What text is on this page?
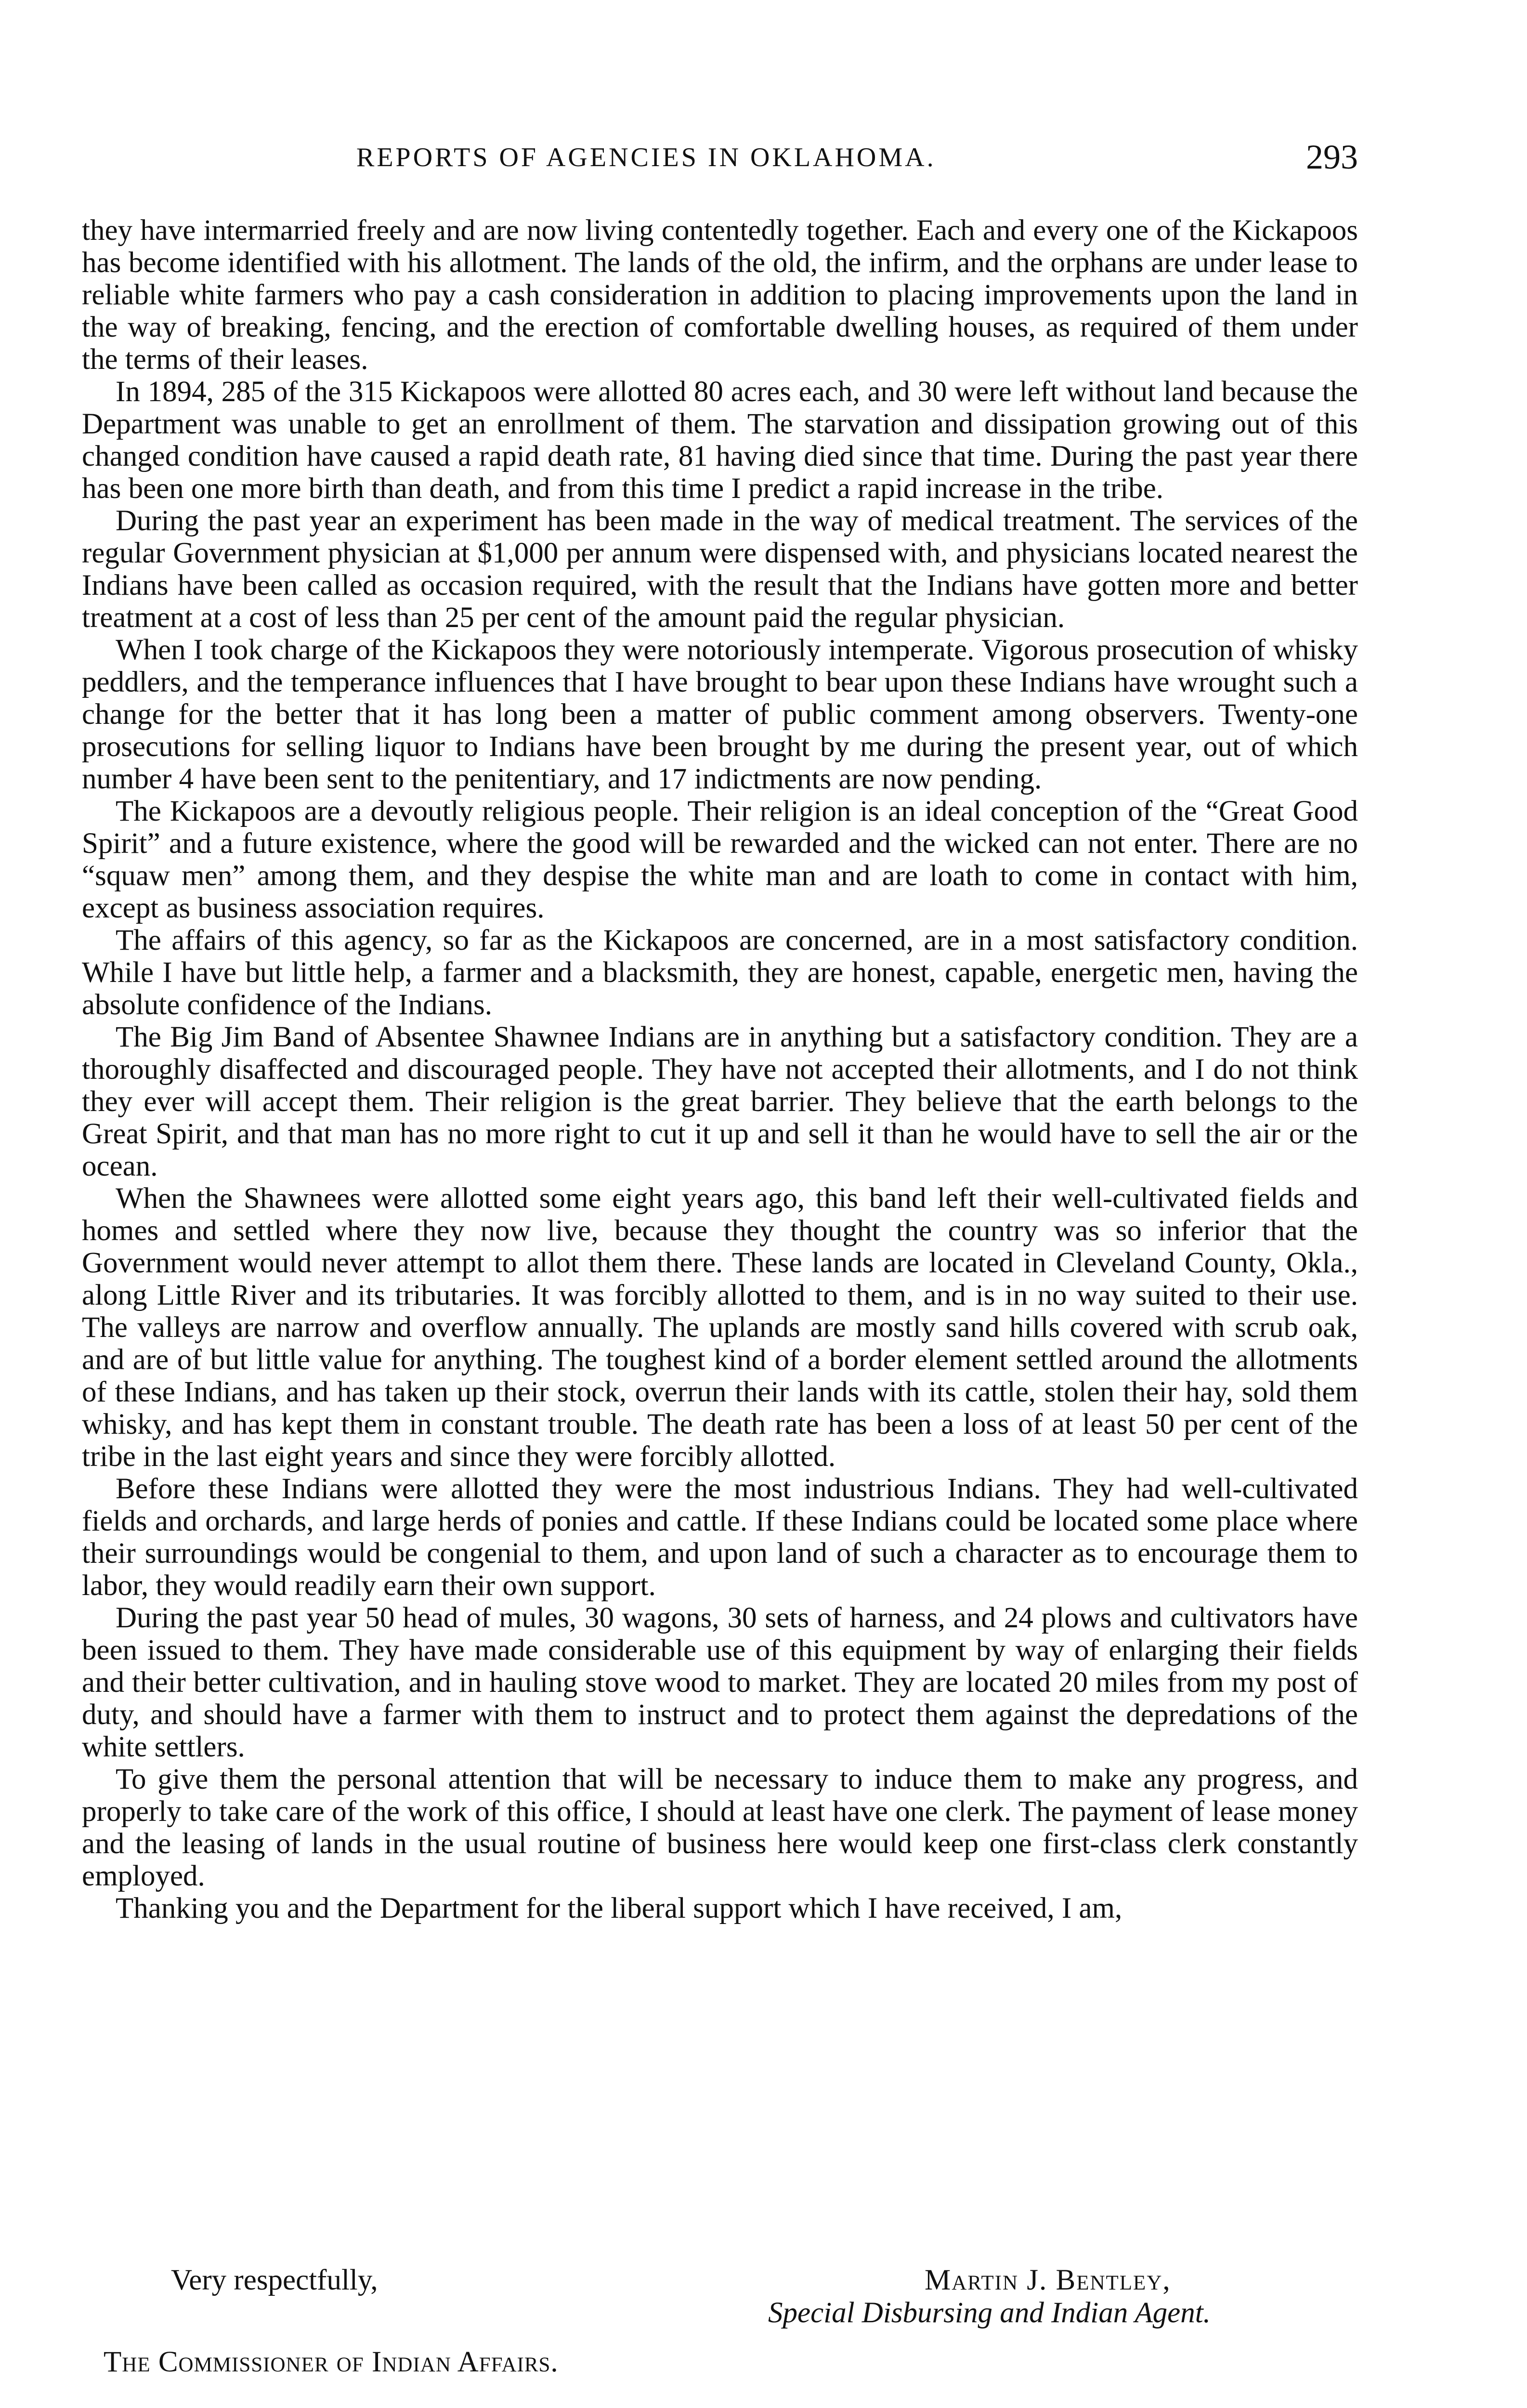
REPORTS OF AGENCIES IN OKLAHOMA.	293

they have intermarried freely and are now living contentedly together. Each and every one of the Kickapoos has become identified with his allotment. The lands of the old, the infirm, and the orphans are under lease to reliable white farmers who pay a cash consideration in addition to placing improvements upon the land in the way of breaking, fencing, and the erection of comfortable dwelling houses, as required of them under the terms of their leases.

In 1894, 285 of the 315 Kickapoos were allotted 80 acres each, and 30 were left without land because the Department was unable to get an enrollment of them. The starvation and dissipation growing out of this changed condition have caused a rapid death rate, 81 having died since that time. During the past year there has been one more birth than death, and from this time I predict a rapid increase in the tribe.

During the past year an experiment has been made in the way of medical treatment. The services of the regular Government physician at $1,000 per annum were dispensed with, and physicians located nearest the Indians have been called as occasion required, with the result that the Indians have gotten more and better treatment at a cost of less than 25 per cent of the amount paid the regular physician.

When I took charge of the Kickapoos they were notoriously intemperate. Vigorous prosecution of whisky peddlers, and the temperance influences that I have brought to bear upon these Indians have wrought such a change for the better that it has long been a matter of public comment among observers. Twenty-one prosecutions for selling liquor to Indians have been brought by me during the present year, out of which number 4 have been sent to the penitentiary, and 17 indictments are now pending.

The Kickapoos are a devoutly religious people. Their religion is an ideal conception of the “Great Good Spirit” and a future existence, where the good will be rewarded and the wicked can not enter. There are no “squaw men” among them, and they despise the white man and are loath to come in contact with him, except as business association requires.

The affairs of this agency, so far as the Kickapoos are concerned, are in a most satisfactory condition. While I have but little help, a farmer and a blacksmith, they are honest, capable, energetic men, having the absolute confidence of the Indians.

The Big Jim Band of Absentee Shawnee Indians are in anything but a satisfactory condition. They are a thoroughly disaffected and discouraged people. They have not accepted their allotments, and I do not think they ever will accept them. Their religion is the great barrier. They believe that the earth belongs to the Great Spirit, and that man has no more right to cut it up and sell it than he would have to sell the air or the ocean.

When the Shawnees were allotted some eight years ago, this band left their well-cultivated fields and homes and settled where they now live, because they thought the country was so inferior that the Government would never attempt to allot them there. These lands are located in Cleveland County, Okla., along Little River and its tributaries. It was forcibly allotted to them, and is in no way suited to their use. The valleys are narrow and overflow annually. The uplands are mostly sand hills covered with scrub oak, and are of but little value for anything. The toughest kind of a border element settled around the allotments of these Indians, and has taken up their stock, overrun their lands with its cattle, stolen their hay, sold them whisky, and has kept them in constant trouble. The death rate has been a loss of at least 50 per cent of the tribe in the last eight years and since they were forcibly allotted.

Before these Indians were allotted they were the most industrious Indians. They had well-cultivated fields and orchards, and large herds of ponies and cattle. If these Indians could be located some place where their surroundings would be congenial to them, and upon land of such a character as to encourage them to labor, they would readily earn their own support.

During the past year 50 head of mules, 30 wagons, 30 sets of harness, and 24 plows and cultivators have been issued to them. They have made considerable use of this equipment by way of enlarging their fields and their better cultivation, and in hauling stove wood to market. They are located 20 miles from my post of duty, and should have a farmer with them to instruct and to protect them against the depredations of the white settlers.

To give them the personal attention that will be necessary to induce them to make any progress, and properly to take care of the work of this office, I should at least have one clerk. The payment of lease money and the leasing of lands in the usual routine of business here would keep one first-class clerk constantly employed.

Thanking you and the Department for the liberal support which I have received, I am,

Very respectfully,	Martin J. Bentley,
Special Disbursing and Indian Agent.
The Commissioner of Indian Affairs.
